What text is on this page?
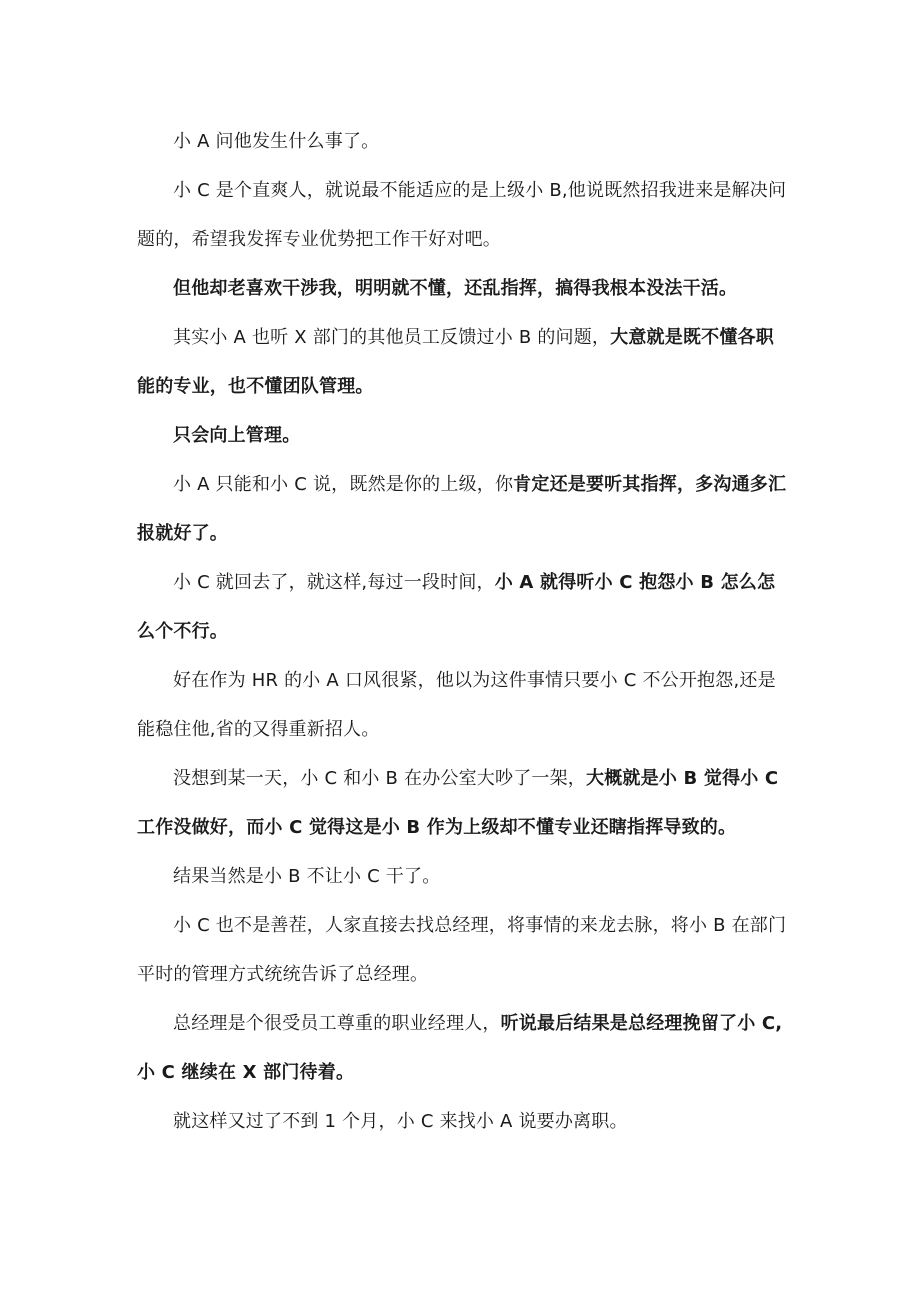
小 A 问他发生什么事了。

小 C 是个直爽人，就说最不能适应的是上级小 B,他说既然招我进来是解决问题的，希望我发挥专业优势把工作干好对吧。

但他却老喜欢干涉我，明明就不懂，还乱指挥，搞得我根本没法干活。

其实小 A 也听 X 部门的其他员工反馈过小 B 的问题，大意就是既不懂各职能的专业，也不懂团队管理。

只会向上管理。

小 A 只能和小 C 说，既然是你的上级，你肯定还是要听其指挥，多沟通多汇报就好了。

小 C 就回去了，就这样,每过一段时间，小 A 就得听小 C 抱怨小 B 怎么怎么个不行。

好在作为 HR 的小 A 口风很紧，他以为这件事情只要小 C 不公开抱怨,还是能稳住他,省的又得重新招人。

没想到某一天，小 C 和小 B 在办公室大吵了一架，大概就是小 B 觉得小 C 工作没做好，而小 C 觉得这是小 B 作为上级却不懂专业还瞎指挥导致的。

结果当然是小 B 不让小 C 干了。

小 C 也不是善茬，人家直接去找总经理，将事情的来龙去脉，将小 B 在部门平时的管理方式统统告诉了总经理。

总经理是个很受员工尊重的职业经理人，听说最后结果是总经理挽留了小 C,小 C 继续在 X 部门待着。

就这样又过了不到 1 个月，小 C 来找小 A 说要办离职。
